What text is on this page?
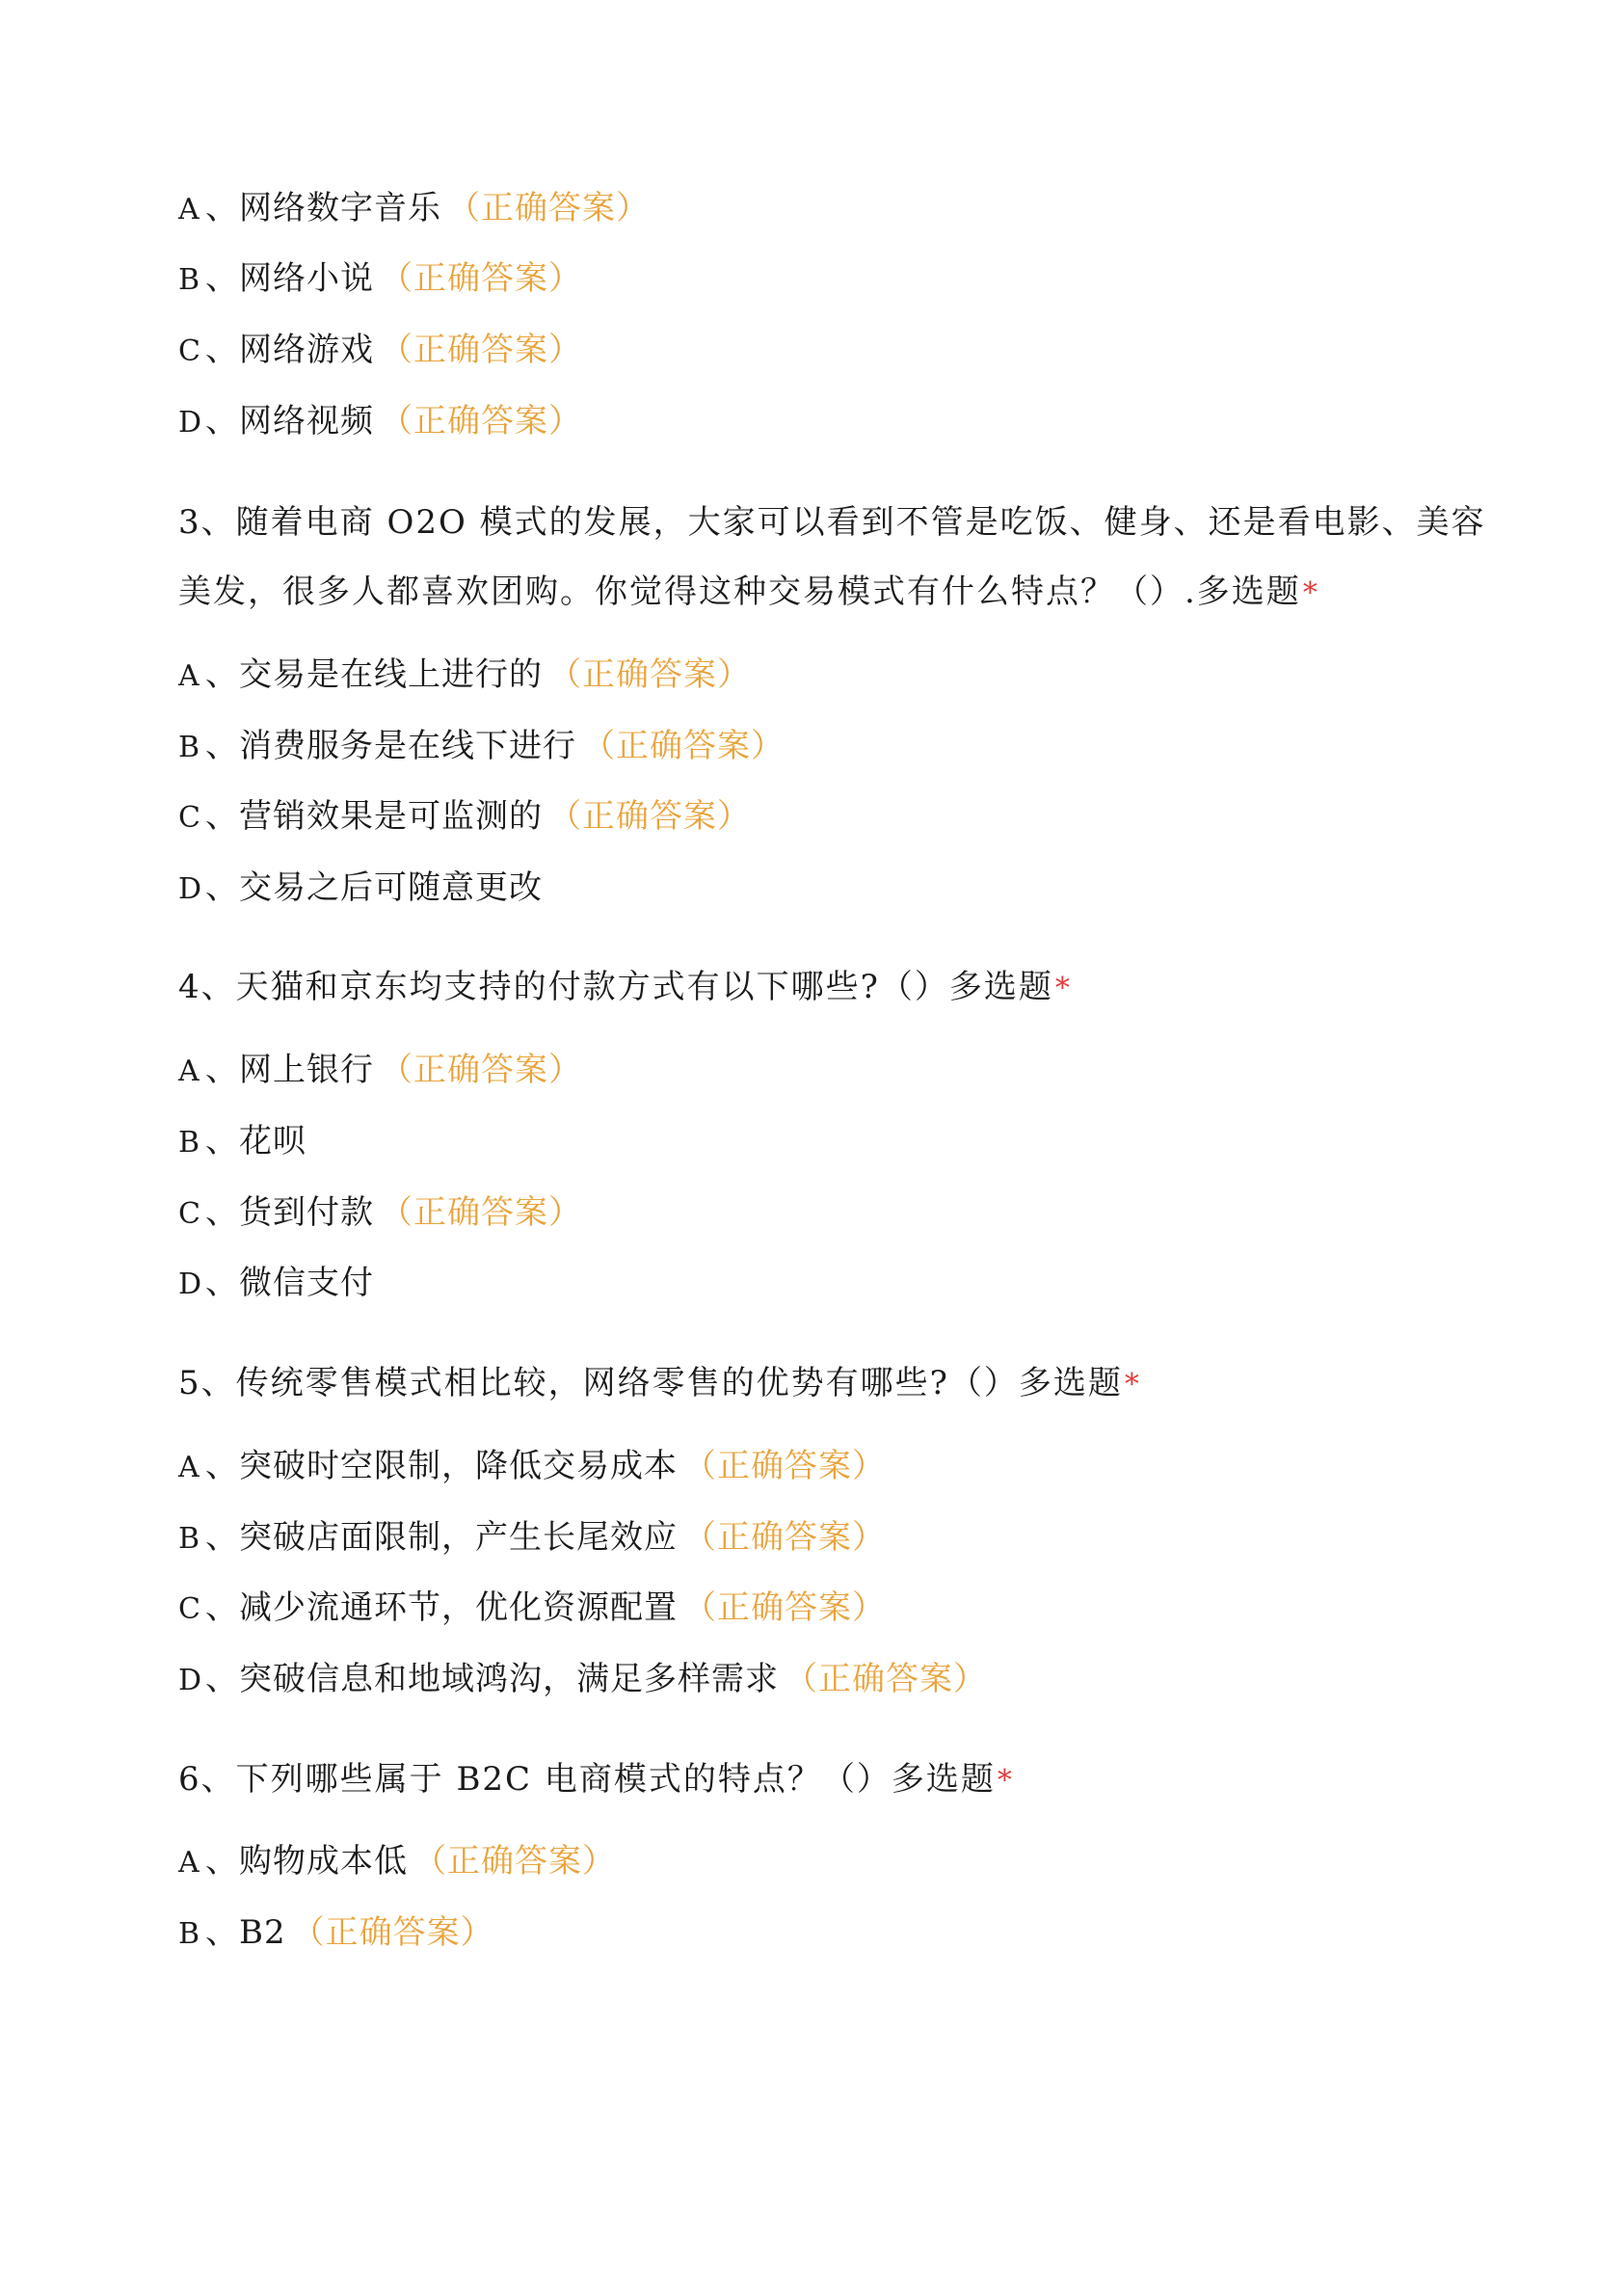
A 、网络数字音乐 （正确答案）
B 、网络小说 （正确答案）
C 、网络游戏 （正确答案）
D、网络视频 （正确答案）
3、随着电商 O2O 模式的发展，大家可以看到不管是吃饭、健身、还是看电影、美容
美发，很多人都喜欢团购。你觉得这种交易模式有什么特点？（）.多选题*
A 、交易是在线上进行的 （正确答案）
B 、消费服务是在线下进行 （正确答案）
C 、营销效果是可监测的 （正确答案）
D、交易之后可随意更改
4、天猫和京东均支持的付款方式有以下哪些?（）多选题*
A 、网上银行 （正确答案）
B 、花呗
C 、货到付款 （正确答案）
D、微信支付
5、传统零售模式相比较，网络零售的优势有哪些?（）多选题*
A 、突破时空限制，降低交易成本 （正确答案）
B 、突破店面限制，产生长尾效应 （正确答案）
C 、减少流通环节，优化资源配置 （正确答案）
D、突破信息和地域鸿沟，满足多样需求 （正确答案）
6、下列哪些属于 B2C 电商模式的特点？（）多选题*
A 、购物成本低 （正确答案）
B 、B2 （正确答案）
